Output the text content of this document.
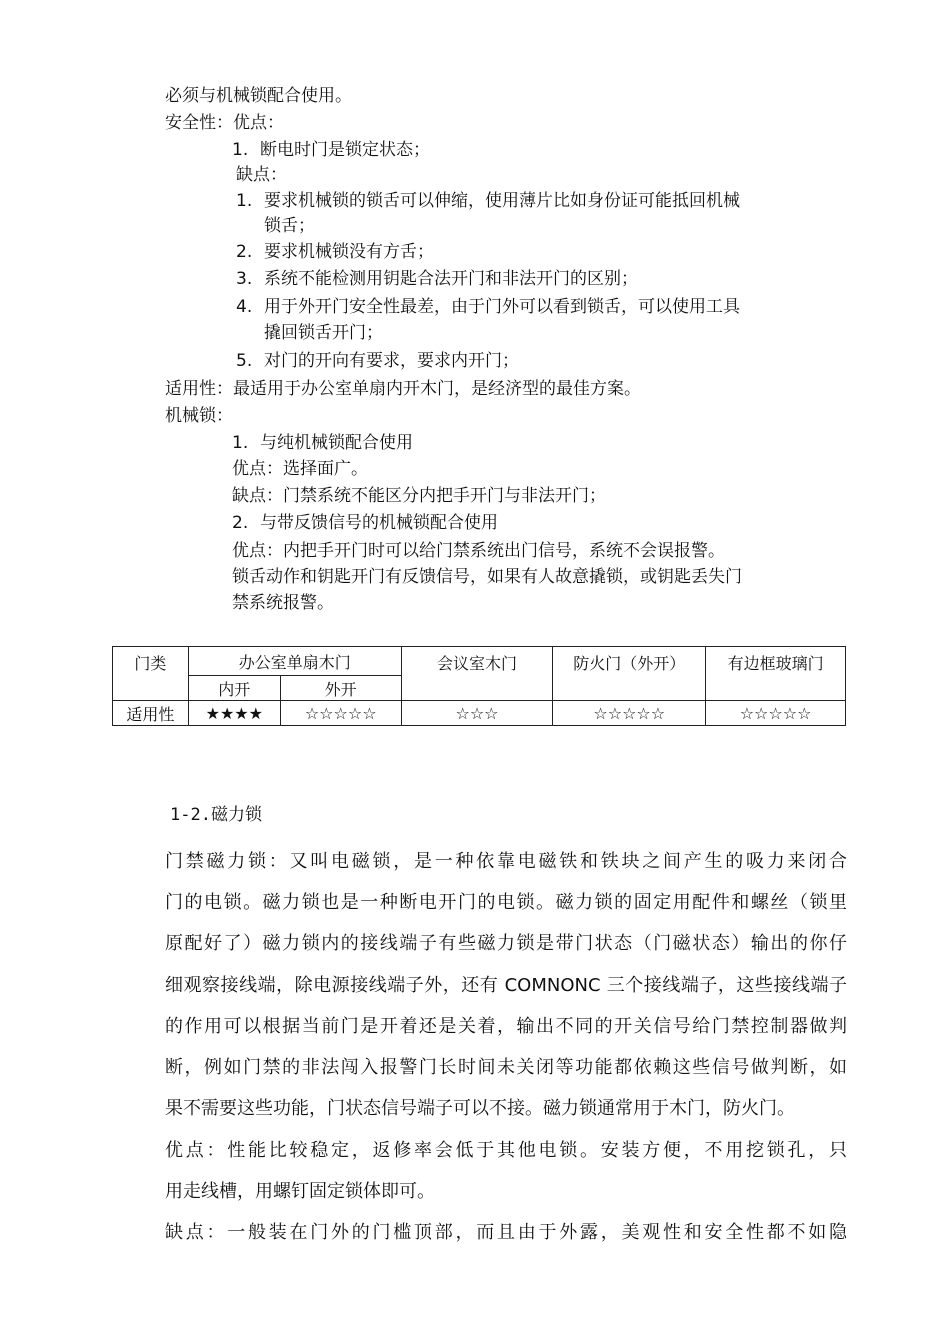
必须与机械锁配合使用。
安全性：优点：
1. 断电时门是锁定状态；
缺点：
1. 要求机械锁的锁舌可以伸缩，使用薄片比如身份证可能抵回机械
锁舌；
2. 要求机械锁没有方舌；
3. 系统不能检测用钥匙合法开门和非法开门的区别；
4. 用于外开门安全性最差，由于门外可以看到锁舌，可以使用工具
撬回锁舌开门；
5. 对门的开向有要求，要求内开门；
适用性：最适用于办公室单扇内开木门，是经济型的最佳方案。
机械锁：
1. 与纯机械锁配合使用
优点：选择面广。
缺点：门禁系统不能区分内把手开门与非法开门；
2. 与带反馈信号的机械锁配合使用
优点：内把手开门时可以给门禁系统出门信号，系统不会误报警。
锁舌动作和钥匙开门有反馈信号，如果有人故意撬锁，或钥匙丢失门
禁系统报警。
门类	办公室单扇木门		会议室木门	防火门（外开）	有边框玻璃门
	内开	外开			
适用性	★★★★	☆☆☆☆☆	☆☆☆	☆☆☆☆☆	☆☆☆☆☆
1-2.磁力锁
门禁磁力锁：又叫电磁锁，是一种依靠电磁铁和铁块之间产生的吸力来闭合
门的电锁。磁力锁也是一种断电开门的电锁。磁力锁的固定用配件和螺丝（锁里
原配好了）磁力锁内的接线端子有些磁力锁是带门状态（门磁状态）输出的你仔
细观察接线端，除电源接线端子外，还有 COMNONC 三个接线端子，这些接线端子
的作用可以根据当前门是开着还是关着，输出不同的开关信号给门禁控制器做判
断，例如门禁的非法闯入报警门长时间未关闭等功能都依赖这些信号做判断，如
果不需要这些功能，门状态信号端子可以不接。磁力锁通常用于木门，防火门。
优点：性能比较稳定，返修率会低于其他电锁。安装方便，不用挖锁孔，只
用走线槽，用螺钉固定锁体即可。
缺点：一般装在门外的门槛顶部，而且由于外露，美观性和安全性都不如隐
